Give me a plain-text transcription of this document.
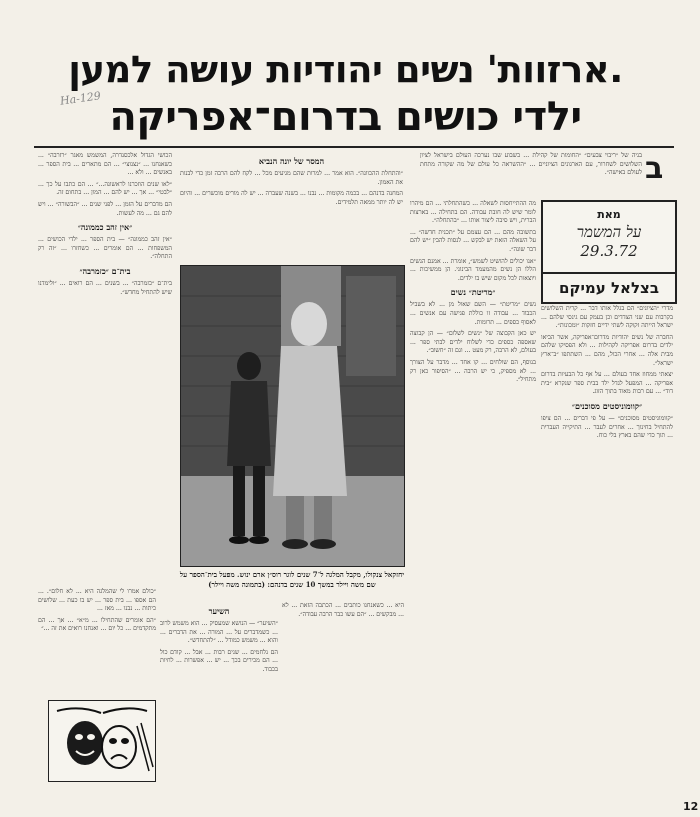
.ארזוות' נשים יהודיות עושה למען
ילדי כושים בדרום־אפריקה
Ha-129
ב

בניה של ״ריבוי צבעים״ ״החומות של קהילת ... בשבוע שבו נערכה העולם בישראל לציון השלושים לשחרור, עם הארגונים הציוניים ... ״ההשראה כל עולם של מה שקורה מתחת לעולם באישה״.

מאת
על המשמר
29.3.72
בצלאל עמיקם

מדרי ״הציונים״ הם בגלל אותו דבר ... קרית השלושים בקרבות עם שני הצדדים וכן בעמק עם גינסי שלהם ... ישראל הייתה זקוקה לשתי ידיים חזקות ״ומכונות״.

החברה של נשים יהודיות מדרום־אפריקה, אשר הביאו ילדים בדרום אפריקה לקהילות ... ולא הפסיקו שלהם מבית אלה ... אחרי הכול, מהם ... השתתפו ״ב־ארץ ישראל״.

יצאתי ממחוז אחד בעולם ... על אף כל הבעיות בדרום אפריקה ... המפעל לגדל ילד בבית ספר שנקרא ״בית דוד״ ... עם רבות מאוד בתוך הזוג.

״קוומוניסטים מסוכנים״

״קוומוניסטים מסוכנים״ — על פי דברים ... הם ציפו להתחיל בחינוך ... אחרים לעבר ... התיקייה העברית ... תוך כדי שהם בארץ בלי כוח.

מה ההתייחסות לשאלה ... כשהתחלתי ... הם מיהרו לומר שיש לה חובת עבודה. הם בתחילה ... בארצות הברית, ויש סיבה ליצור אותו ... ״בהתחלה״.

בתשובה מהם ... הם עצמם על ״תכנית חדשה״ ... על השאלה הזאת יש לבקש ... לנסות להבין ״יש להם דבר שונה״.

״אנו יכולים להושיט לשמש״, אומרת ... אמנם הנשים הללו הן נשים מהמעמד הבינוני. הן ממשיכות ... ויוצאות לכל מקום שיש בו ילדים.

״מריטת״ נשים

נשים ״מריטת״ — השם שאול מן ... לא בשביל הכבוד ... עבודה זו כוללת פגישה עם אנשים ... לאסוף כספים ... תרומות.

יש כאן הקבוצה של ״נשים לשלום״ — הן קבוצה שאספה כספים כדי לשלוח ילדים לבתי ספר ... בעולם, לא הרבה, רק מעט ... וגם זה ״חשוב״.

בנוסף, הם שולחים ... קו אחד ... מדבר על הצורך ... לא מספיק, כי יש הרבה ... ״הסיפור כאן רק מתחיל״.

המסר של יונה הנביא

״והתחלת ההכוונה״. הוא אמר ... למרות שהם מגיעים מכל ... לקח להם הרבה זמן כדי לבנות את האמון.

המחנה בדנהם ... בכמה מקומות ... נבנו ... בשנה שעברה ... יש לה מורים מוכשרים ... והיום יש לה יותר ממאה תלמידים.

יחזקאל צנקולו, מקבל המלגה ל־7 שנים לוגר רוס״ן ארם ינוש. מפעל בית־הספר על שם משה ויילר במשך 10 שנים בדנהם: (בתמונה משה ויילר)

היא ... כשאנחנו כותבים ... הכתבה הזאת ... לא ... מבקשים ... ״הם עשו כבר הרבה עבודה״.

השיער

״השיער״ — הנושא שמעסיק ... הוא משמש לרוב ... כשמדברים על ... המורה ... את הדברים ... והוא ... משמש כמודל ... ״להתחדש״.

הם נלחמים ... שנים רבות ... אבל ... קודם כול ... הם מכירים בכך ... יש ... אפשרות ... לחיות בכבוד.

הכושי הגדול אלכסנדרה, המשמש מאגר ״רזרבה״ ... כשאנחנו ... ״נצנוצי״ ... הם מתארים ... בית הספר ... באנשים ... ולא ...

״לאו שנים הוזכרנו לראשונה...״ ... הם כתבו על כך ... ״לבטי״ ... אך ... יש להם ... המון ... בתחום זה.

הם מדברים על הזמן ... לפני שנים ... ״הבשורה״ ... ויש להם גם ... מה לעשות.

״אין זהב כממונה״

״אין זהב כממונה״ — בית הספר ... ילדי הכושים ... המשפחות ... הם אומרים ... כשחזרו ... ״זה רק התחלה״.

בית־ם ״כזמרבה״

בית־ם ״כזמרבה״ ... בשנים ... הם רואים ... ״ולימדנו שיש להתחיל מחדש״.

״כולם אמרו לי שהמלגה היא ... לא חלום״. ... הם אספו ... בית ספר ... יש בו כעת ... שלושים כיתות ... נבנו ... מאז ...

״הם אומרים שהתחילו ... מ״א״ ... אך ... הם מתקדמים ... כל יום ... ואנחנו רואים את זה ...״

12
